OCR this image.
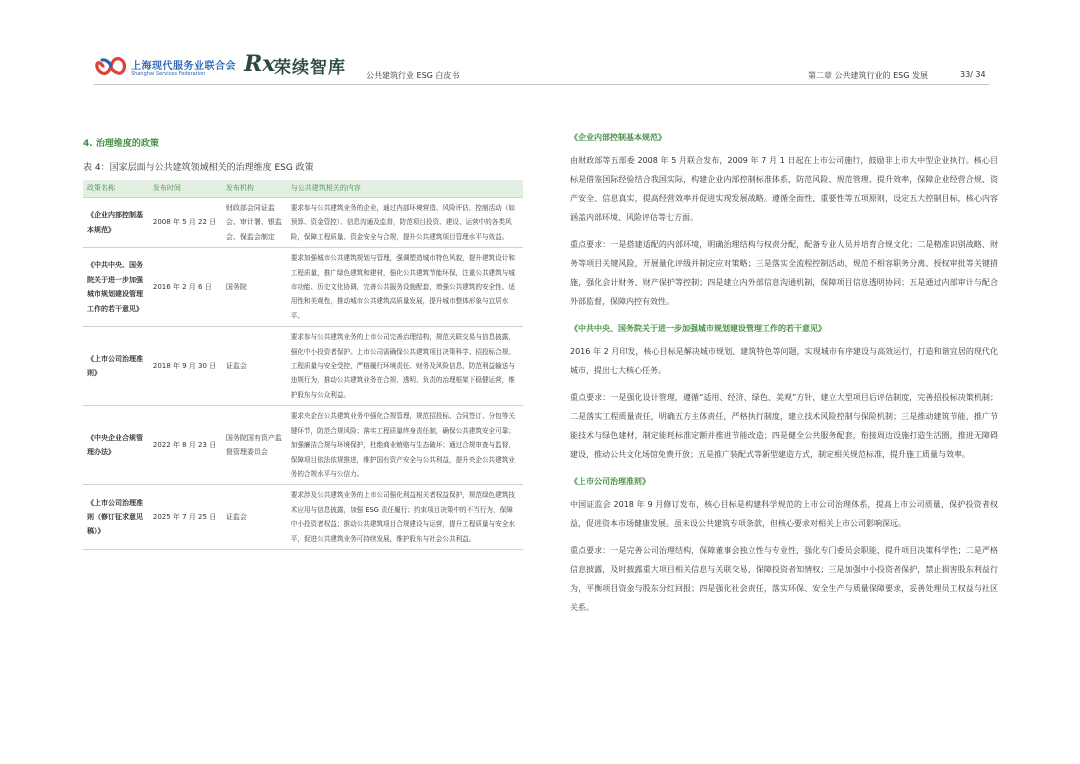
上海现代服务业联合会
Shanghai Services Federation Rx
荣续智库	公共建筑行业 ESG 白皮书	第二章 公共建筑行业的 ESG 发展	33/ 34
4. 治理维度的政策
表 4：国家层面与公共建筑领域相关的治理维度 ESG 政策
政策名称	发布时间	发布机构	与公共建筑相关的内容
《企业内部控制基本规范》	2008 年 5 月 22 日	财政部会同证监会、审计署、银监会、保监会制定	要求参与公共建筑业务的企业，通过内部环境营造、风险评估、控制活动（如预算、资金管控）、信息沟通及监督，防范项目投资、建设、运营中的各类风险，保障工程质量、资金安全与合规，提升公共建筑项目管理水平与效益。
《中共中央、国务院关于进一步加强城市规划建设管理工作的若干意见》	2016 年 2 月 6 日	国务院	要求加强城市公共建筑规划与管理，强调塑造城市特色风貌，提升建筑设计和工程质量，推广绿色建筑和建材，强化公共建筑节能环保，注重公共建筑与城市功能、历史文化协调，完善公共服务设施配套，增强公共建筑的安全性、适用性和美观性，推动城市公共建筑高质量发展，提升城市整体形象与宜居水平。
《上市公司治理准则》	2018 年 9 月 30 日	证监会	要求参与公共建筑业务的上市公司完善治理结构，规范关联交易与信息披露，强化中小投资者保护。上市公司需确保公共建筑项目决策科学、招投标合规、工程质量与安全受控，严格履行环境责任、财务及风险信息，防范利益输送与违规行为，推动公共建筑业务在合规、透明、负责的治理框架下稳健运营，维护股东与公众利益。
《中央企业合规管理办法》	2022 年 8 月 23 日	国务院国有资产监督管理委员会	要求央企在公共建筑业务中强化合规管理，规范招投标、合同签订、分包等关键环节，防范合规风险；落实工程质量终身责任制，确保公共建筑安全可靠；加强廉洁合规与环境保护，杜绝商业贿赂与生态破坏；通过合规审查与监督，保障项目依法依规推进，维护国有资产安全与公共利益，提升央企公共建筑业务的合规水平与公信力。
《上市公司治理准则（修订征求意见稿）》	2025 年 7 月 25 日	证监会	要求涉及公共建筑业务的上市公司强化利益相关者权益保护，规范绿色建筑技术应用与信息披露，加强 ESG 责任履行；约束项目决策中的不当行为，保障中小投资者权益；推动公共建筑项目合规建设与运营，提升工程质量与安全水平，促进公共建筑业务可持续发展，维护股东与社会公共利益。
《企业内部控制基本规范》

由财政部等五部委 2008 年 5 月联合发布，2009 年 7 月 1 日起在上市公司施行，鼓励非上市大中型企业执行。核心目标是借鉴国际经验结合我国实际，构建企业内部控制标准体系，防范风险、规范管理、提升效率，保障企业经营合规、资产安全、信息真实，提高经营效率并促进实现发展战略。遵循全面性、重要性等五项原则，设定五大控制目标，核心内容涵盖内部环境、风险评估等七方面。

重点要求：一是搭建适配的内部环境，明确治理结构与权责分配，配备专业人员并培育合规文化；二是精准识别战略、财务等项目关键风险，开展量化评级并制定应对策略；三是落实全流程控制活动，规范不相容职务分离、授权审批等关键措施，强化会计财务、财产保护等控制；四是建立内外部信息沟通机制，保障项目信息透明协同；五是通过内部审计与配合外部监督，保障内控有效性。

《中共中央、国务院关于进一步加强城市规划建设管理工作的若干意见》

2016 年 2 月印发，核心目标是解决城市规划、建筑特色等问题，实现城市有序建设与高效运行，打造和谐宜居的现代化城市，提出七大核心任务。

重点要求：一是强化设计管理，遵循“适用、经济、绿色、美观”方针，建立大型项目后评估制度，完善招投标决策机制；二是落实工程质量责任，明确五方主体责任，严格执行制度，建立技术风险控制与保险机制；三是推动建筑节能，推广节能技术与绿色建材，制定能耗标准定额并推进节能改造；四是健全公共服务配套，衔接周边设施打造生活圈，推进无障碍建设，推动公共文化场馆免费开放；五是推广装配式等新型建造方式，制定相关规范标准，提升施工质量与效率。

《上市公司治理准则》

中国证监会 2018 年 9 月修订发布，核心目标是构建科学规范的上市公司治理体系，提高上市公司质量，保护投资者权益，促进资本市场健康发展。虽未设公共建筑专项条款，但核心要求对相关上市公司影响深远。

重点要求：一是完善公司治理结构，保障董事会独立性与专业性，强化专门委员会职能，提升项目决策科学性；二是严格信息披露，及时披露重大项目相关信息与关联交易，保障投资者知情权；三是加强中小投资者保护，禁止损害股东利益行为，平衡项目资金与股东分红回报；四是强化社会责任，落实环保、安全生产与质量保障要求，妥善处理员工权益与社区关系。
